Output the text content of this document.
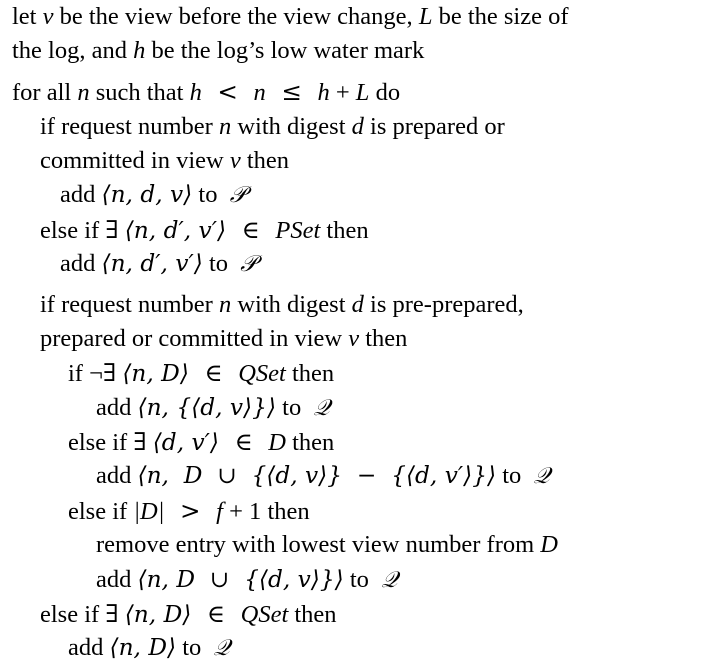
let v be the view before the view change, L be the size of
the log, and h be the log’s low water mark
for all n such that h  <  n  ≤  h + L do
if request number n with digest d is prepared or
committed in view v then
add ⟨n, d, v⟩ to  𝒫
else if ∃ ⟨n, d′, v′⟩  ∈  PSet then
add ⟨n, d′, v′⟩ to  𝒫
if request number n with digest d is pre-prepared,
prepared or committed in view v then
if ¬∃ ⟨n, D⟩  ∈  QSet then
add ⟨n, {⟨d, v⟩}⟩ to  𝒬
else if ∃ ⟨d, v′⟩  ∈  D then
add ⟨n,  D  ∪  {⟨d, v⟩}  −  {⟨d, v′⟩}⟩ to  𝒬
else if |D|  >  f + 1 then
remove entry with lowest view number from D
add ⟨n, D  ∪  {⟨d, v⟩}⟩ to  𝒬
else if ∃ ⟨n, D⟩  ∈  QSet then
add ⟨n, D⟩ to  𝒬
